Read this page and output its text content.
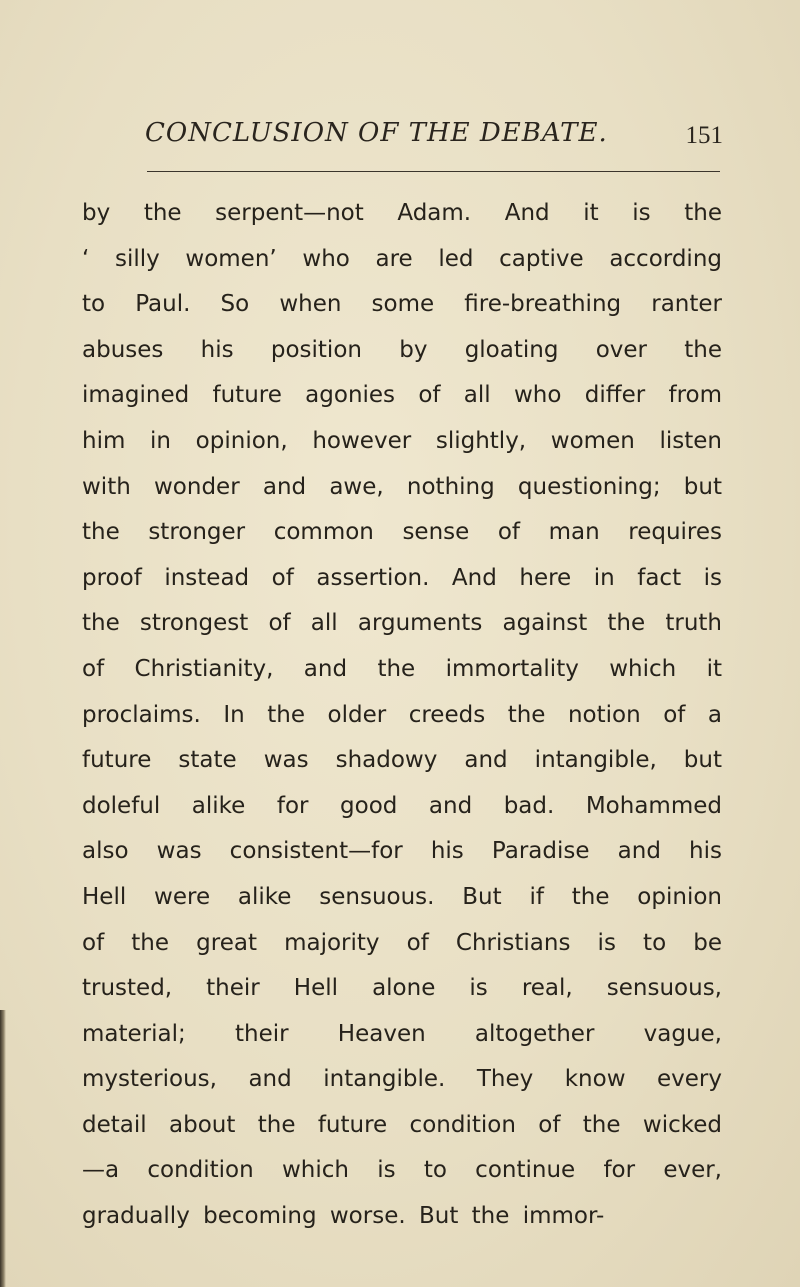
CONCLUSION OF THE DEBATE.	151
by the serpent—not Adam. And it is the
‘ silly women’ who are led captive according
to Paul. So when some fire-breathing ranter
abuses his position by gloating over the
imagined future agonies of all who differ from
him in opinion, however slightly, women listen
with wonder and awe, nothing questioning; but
the stronger common sense of man requires
proof instead of assertion. And here in fact is
the strongest of all arguments against the truth
of Christianity, and the immortality which it
proclaims. In the older creeds the notion of a
future state was shadowy and intangible, but
doleful alike for good and bad. Mohammed
also was consistent—for his Paradise and his
Hell were alike sensuous. But if the opinion
of the great majority of Christians is to be
trusted, their Hell alone is real, sensuous,
material; their Heaven altogether vague,
mysterious, and intangible. They know every
detail about the future condition of the wicked
—a condition which is to continue for ever,
gradually becoming worse. But the immor-
